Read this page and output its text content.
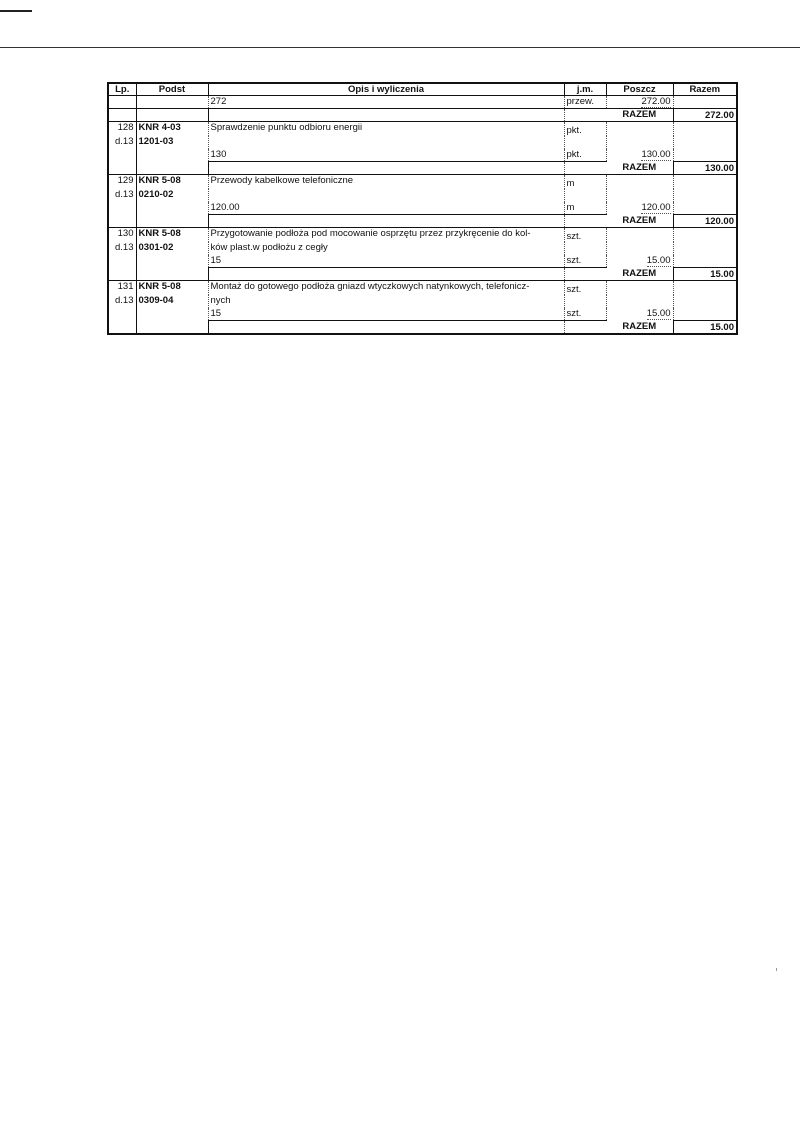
Lp.	Podst	Opis i wyliczenia	j.m.	Poszcz	Razem
		272	przew.	272.00	
				RAZEM	272.00
128	KNR 4-03	Sprawdzenie punktu odbioru energii	pkt.		
d.13	1201-03				
		130	pkt.	130.00	
				RAZEM	130.00
129	KNR 5-08	Przewody kabelkowe telefoniczne	m		
d.13	0210-02				
		120.00	m	120.00	
				RAZEM	120.00
130	KNR 5-08	Przygotowanie podłoża pod mocowanie osprzętu przez przykręcenie do kol-	szt.		
d.13	0301-02	ków plast.w podłożu z cegły			
		15	szt.	15.00	
				RAZEM	15.00
131	KNR 5-08	Montaż do gotowego podłoża gniazd wtyczkowych natynkowych, telefonicz-	szt.		
d.13	0309-04	nych			
		15	szt.	15.00	
				RAZEM	15.00
